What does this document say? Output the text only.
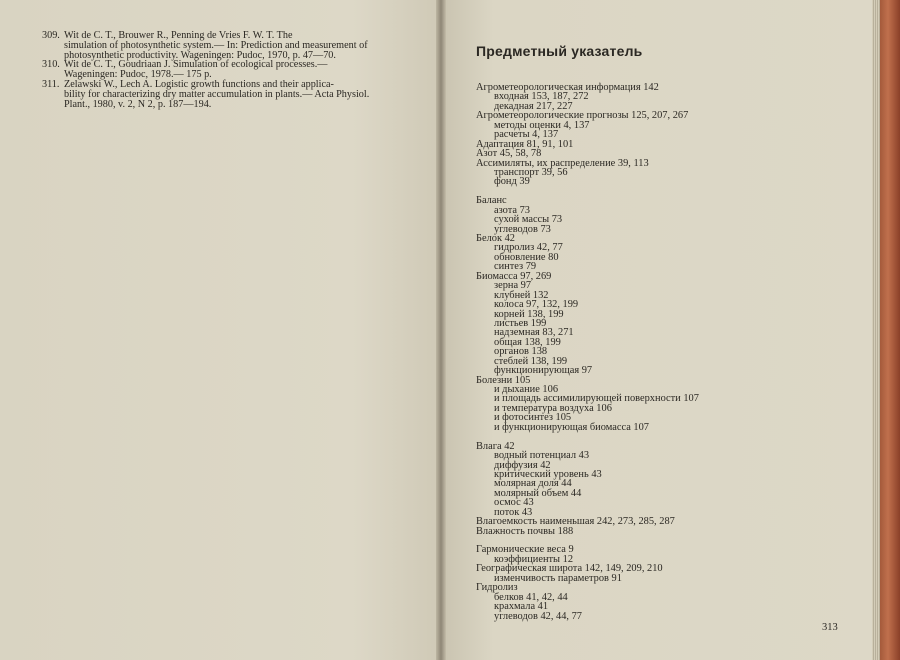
309. Wit de C. T., Brouwer R., Penning de Vries F. W. T. The
simulation of photosynthetic system.— In: Prediction and measurement of
photosynthetic productivity. Wageningen: Pudoc, 1970, p. 47—70.
310. Wit de C. T., Goudriaan J. Simulation of ecological processes.—
Wageningen: Pudoc, 1978.— 175 p.
311. Zelawski W., Lech A. Logistic growth functions and their applica-
bility for characterizing dry matter accumulation in plants.— Acta Physiol.
Plant., 1980, v. 2, N 2, p. 187—194.
Предметный указатель
Агрометеорологическая информация 142
входная 153, 187, 272
декадная 217, 227
Агрометеорологические прогнозы 125, 207, 267
методы оценки 4, 137
расчеты 4, 137
Адаптация 81, 91, 101
Азот 45, 58, 78
Ассимиляты, их распределение 39, 113
транспорт 39, 56
фонд 39
Баланс
азота 73
сухой массы 73
углеводов 73
Белок 42
гидролиз 42, 77
обновление 80
синтез 79
Биомасса 97, 269
зерна 97
клубней 132
колоса 97, 132, 199
корней 138, 199
листьев 199
надземная 83, 271
общая 138, 199
органов 138
стеблей 138, 199
функционирующая 97
Болезни 105
и дыхание 106
и площадь ассимилирующей поверхности 107
и температура воздуха 106
и фотосинтез 105
и функционирующая биомасса 107
Влага 42
водный потенциал 43
диффузия 42
критический уровень 43
молярная доля 44
молярный объем 44
осмос 43
поток 43
Влагоемкость наименьшая 242, 273, 285, 287
Влажность почвы 188
Гармонические веса 9
коэффициенты 12
Географическая широта 142, 149, 209, 210
изменчивость параметров 91
Гидролиз
белков 41, 42, 44
крахмала 41
углеводов 42, 44, 77
313
